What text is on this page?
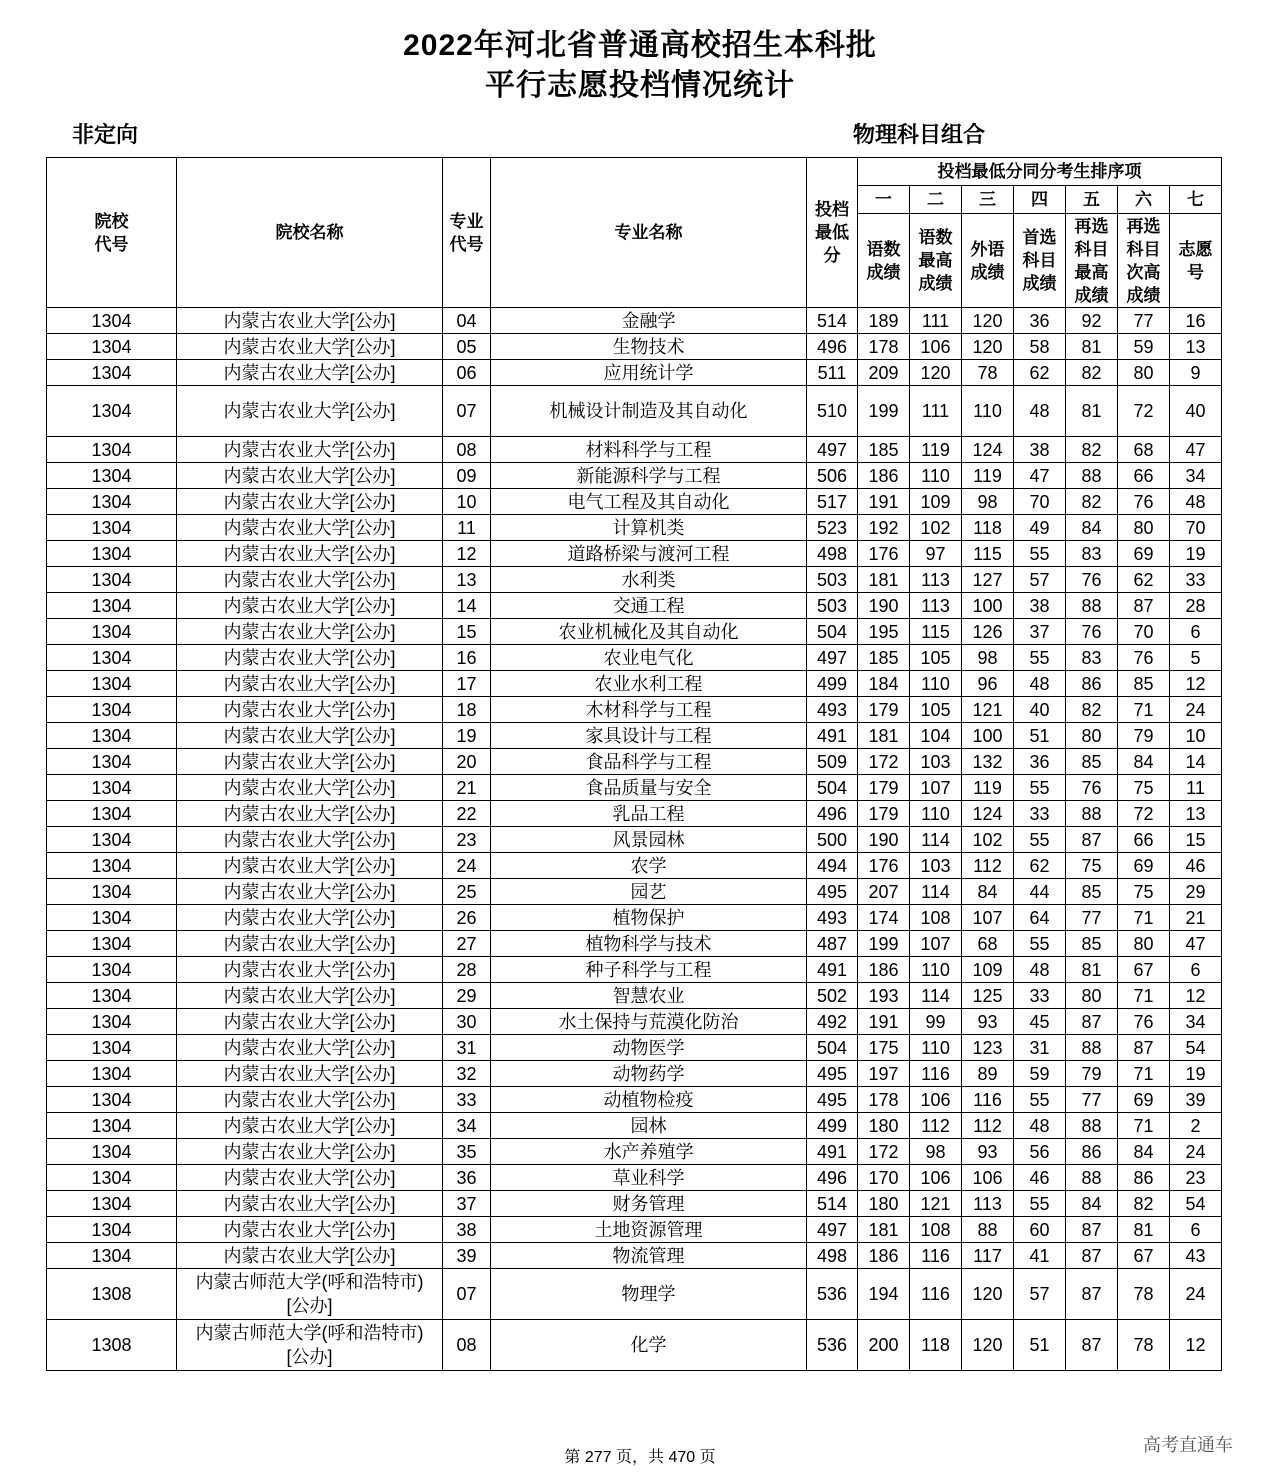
2022年河北省普通高校招生本科批
平行志愿投档情况统计
非定向	物理科目组合
院校代号	院校名称	专业代号	专业名称	投档最低分	投档最低分同分考生排序项						
					一	二	三	四	五	六	七
					语数成绩	语数最高成绩	外语成绩	首选科目成绩	再选科目最高成绩	再选科目次高成绩	志愿号
1304	内蒙古农业大学[公办]	04	金融学	514	189	111	120	36	92	77	16
1304	内蒙古农业大学[公办]	05	生物技术	496	178	106	120	58	81	59	13
1304	内蒙古农业大学[公办]	06	应用统计学	511	209	120	78	62	82	80	9
1304	内蒙古农业大学[公办]	07	机械设计制造及其自动化	510	199	111	110	48	81	72	40
1304	内蒙古农业大学[公办]	08	材料科学与工程	497	185	119	124	38	82	68	47
1304	内蒙古农业大学[公办]	09	新能源科学与工程	506	186	110	119	47	88	66	34
1304	内蒙古农业大学[公办]	10	电气工程及其自动化	517	191	109	98	70	82	76	48
1304	内蒙古农业大学[公办]	11	计算机类	523	192	102	118	49	84	80	70
1304	内蒙古农业大学[公办]	12	道路桥梁与渡河工程	498	176	97	115	55	83	69	19
1304	内蒙古农业大学[公办]	13	水利类	503	181	113	127	57	76	62	33
1304	内蒙古农业大学[公办]	14	交通工程	503	190	113	100	38	88	87	28
1304	内蒙古农业大学[公办]	15	农业机械化及其自动化	504	195	115	126	37	76	70	6
1304	内蒙古农业大学[公办]	16	农业电气化	497	185	105	98	55	83	76	5
1304	内蒙古农业大学[公办]	17	农业水利工程	499	184	110	96	48	86	85	12
1304	内蒙古农业大学[公办]	18	木材科学与工程	493	179	105	121	40	82	71	24
1304	内蒙古农业大学[公办]	19	家具设计与工程	491	181	104	100	51	80	79	10
1304	内蒙古农业大学[公办]	20	食品科学与工程	509	172	103	132	36	85	84	14
1304	内蒙古农业大学[公办]	21	食品质量与安全	504	179	107	119	55	76	75	11
1304	内蒙古农业大学[公办]	22	乳品工程	496	179	110	124	33	88	72	13
1304	内蒙古农业大学[公办]	23	风景园林	500	190	114	102	55	87	66	15
1304	内蒙古农业大学[公办]	24	农学	494	176	103	112	62	75	69	46
1304	内蒙古农业大学[公办]	25	园艺	495	207	114	84	44	85	75	29
1304	内蒙古农业大学[公办]	26	植物保护	493	174	108	107	64	77	71	21
1304	内蒙古农业大学[公办]	27	植物科学与技术	487	199	107	68	55	85	80	47
1304	内蒙古农业大学[公办]	28	种子科学与工程	491	186	110	109	48	81	67	6
1304	内蒙古农业大学[公办]	29	智慧农业	502	193	114	125	33	80	71	12
1304	内蒙古农业大学[公办]	30	水土保持与荒漠化防治	492	191	99	93	45	87	76	34
1304	内蒙古农业大学[公办]	31	动物医学	504	175	110	123	31	88	87	54
1304	内蒙古农业大学[公办]	32	动物药学	495	197	116	89	59	79	71	19
1304	内蒙古农业大学[公办]	33	动植物检疫	495	178	106	116	55	77	69	39
1304	内蒙古农业大学[公办]	34	园林	499	180	112	112	48	88	71	2
1304	内蒙古农业大学[公办]	35	水产养殖学	491	172	98	93	56	86	84	24
1304	内蒙古农业大学[公办]	36	草业科学	496	170	106	106	46	88	86	23
1304	内蒙古农业大学[公办]	37	财务管理	514	180	121	113	55	84	82	54
1304	内蒙古农业大学[公办]	38	土地资源管理	497	181	108	88	60	87	81	6
1304	内蒙古农业大学[公办]	39	物流管理	498	186	116	117	41	87	67	43
1308	内蒙古师范大学(呼和浩特市)[公办]	07	物理学	536	194	116	120	57	87	78	24
1308	内蒙古师范大学(呼和浩特市)[公办]	08	化学	536	200	118	120	51	87	78	12
第 277 页，共 470 页
高考直通车
